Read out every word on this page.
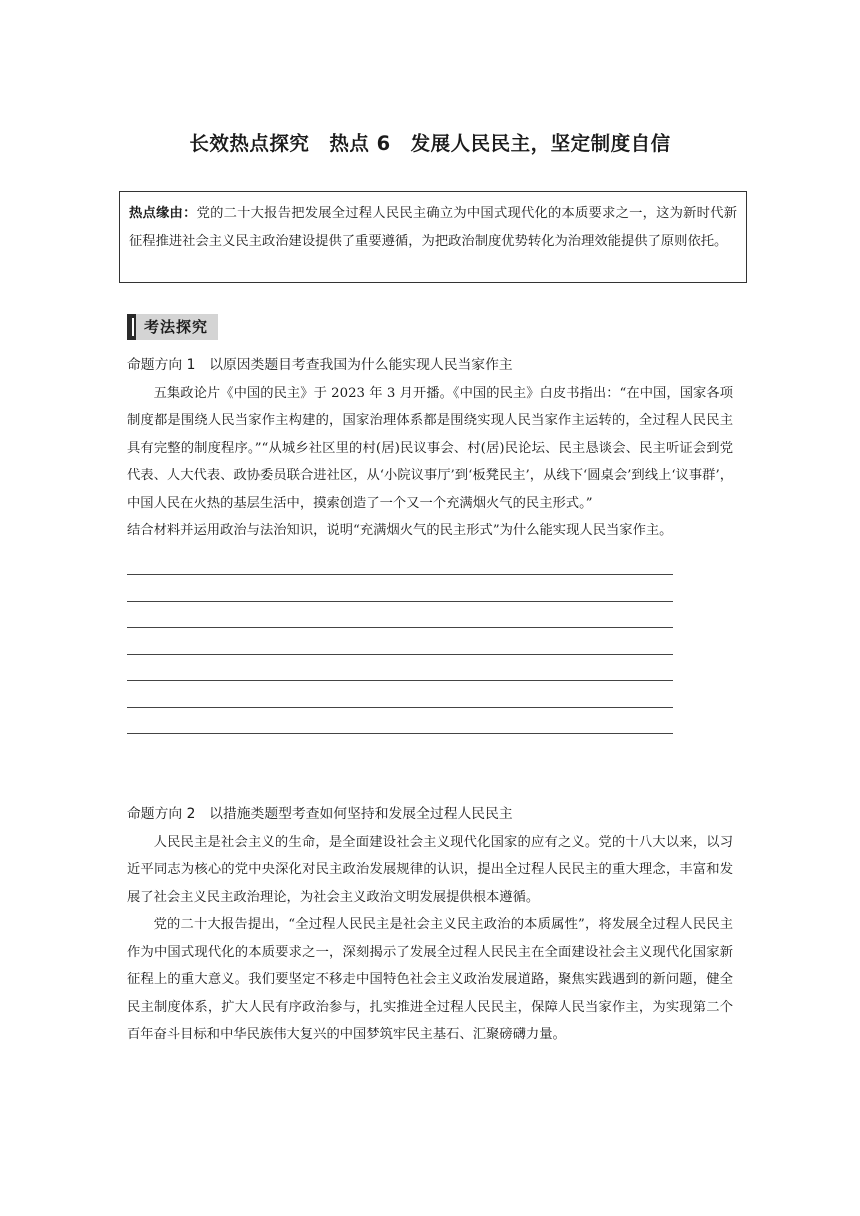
长效热点探究　热点 6　发展人民民主，坚定制度自信
热点缘由：党的二十大报告把发展全过程人民民主确立为中国式现代化的本质要求之一，这为新时代新征程推进社会主义民主政治建设提供了重要遵循，为把政治制度优势转化为治理效能提供了原则依托。
考法探究
命题方向 1　以原因类题目考查我国为什么能实现人民当家作主

五集政论片《中国的民主》于 2023 年 3 月开播。《中国的民主》白皮书指出：“在中国，国家各项制度都是围绕人民当家作主构建的，国家治理体系都是围绕实现人民当家作主运转的，全过程人民民主具有完整的制度程序。”“从城乡社区里的村(居)民议事会、村(居)民论坛、民主恳谈会、民主听证会到党代表、人大代表、政协委员联合进社区，从‘小院议事厅’到‘板凳民主’，从线下‘圆桌会’到线上‘议事群’，中国人民在火热的基层生活中，摸索创造了一个又一个充满烟火气的民主形式。”

结合材料并运用政治与法治知识，说明“充满烟火气的民主形式”为什么能实现人民当家作主。

命题方向 2　以措施类题型考查如何坚持和发展全过程人民民主

人民民主是社会主义的生命，是全面建设社会主义现代化国家的应有之义。党的十八大以来，以习近平同志为核心的党中央深化对民主政治发展规律的认识，提出全过程人民民主的重大理念，丰富和发展了社会主义民主政治理论，为社会主义政治文明发展提供根本遵循。

党的二十大报告提出，“全过程人民民主是社会主义民主政治的本质属性”，将发展全过程人民民主作为中国式现代化的本质要求之一，深刻揭示了发展全过程人民民主在全面建设社会主义现代化国家新征程上的重大意义。我们要坚定不移走中国特色社会主义政治发展道路，聚焦实践遇到的新问题，健全民主制度体系，扩大人民有序政治参与，扎实推进全过程人民民主，保障人民当家作主，为实现第二个百年奋斗目标和中华民族伟大复兴的中国梦筑牢民主基石、汇聚磅礴力量。
